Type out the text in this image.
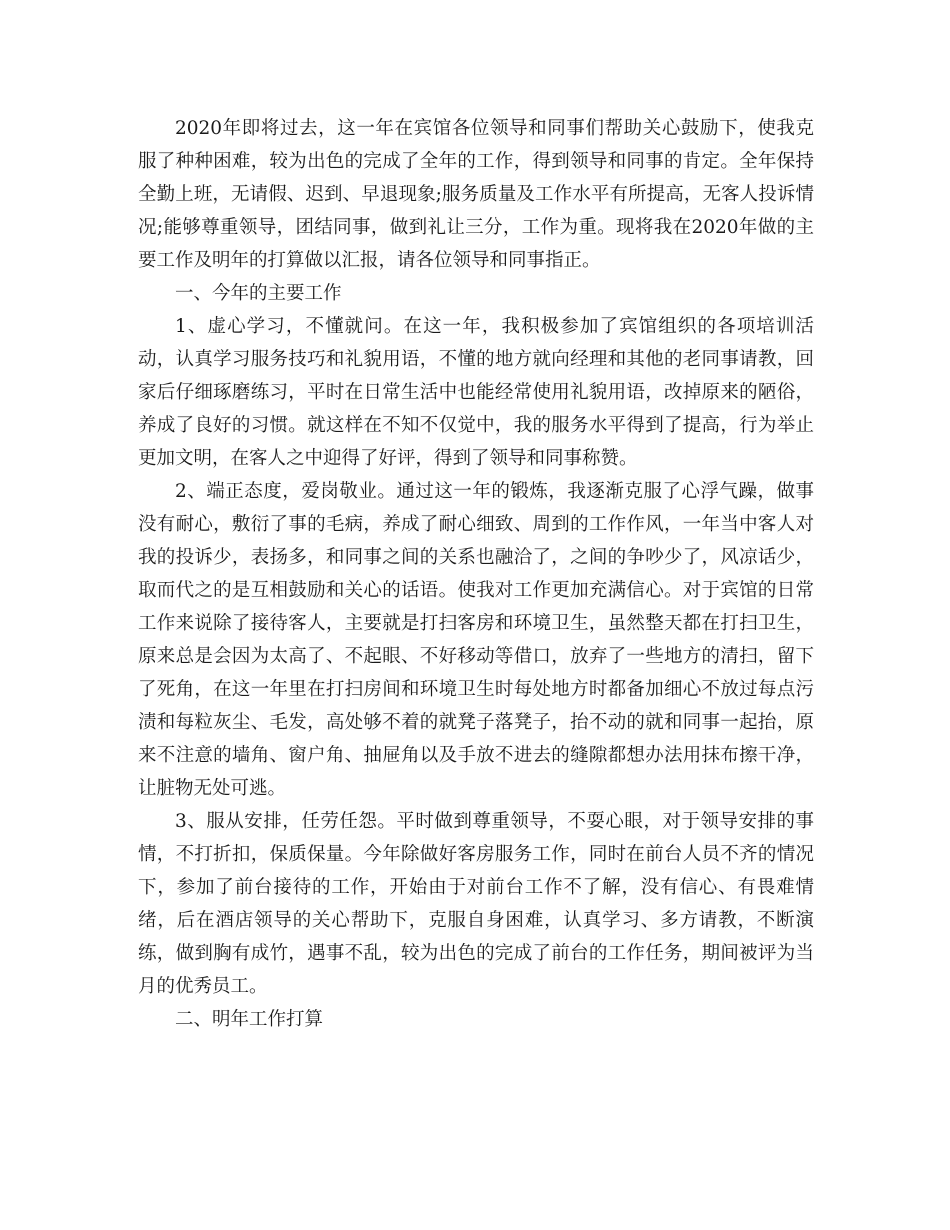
2020年即将过去，这一年在宾馆各位领导和同事们帮助关心鼓励下，使我克服了种种困难，较为出色的完成了全年的工作，得到领导和同事的肯定。全年保持全勤上班，无请假、迟到、早退现象;服务质量及工作水平有所提高，无客人投诉情况;能够尊重领导，团结同事，做到礼让三分，工作为重。现将我在2020年做的主要工作及明年的打算做以汇报，请各位领导和同事指正。

一、今年的主要工作

1、虚心学习，不懂就问。在这一年，我积极参加了宾馆组织的各项培训活动，认真学习服务技巧和礼貌用语，不懂的地方就向经理和其他的老同事请教，回家后仔细琢磨练习，平时在日常生活中也能经常使用礼貌用语，改掉原来的陋俗，养成了良好的习惯。就这样在不知不仅觉中，我的服务水平得到了提高，行为举止更加文明，在客人之中迎得了好评，得到了领导和同事称赞。

2、端正态度，爱岗敬业。通过这一年的锻炼，我逐渐克服了心浮气躁，做事没有耐心，敷衍了事的毛病，养成了耐心细致、周到的工作作风，一年当中客人对我的投诉少，表扬多，和同事之间的关系也融洽了，之间的争吵少了，风凉话少，取而代之的是互相鼓励和关心的话语。使我对工作更加充满信心。对于宾馆的日常工作来说除了接待客人，主要就是打扫客房和环境卫生，虽然整天都在打扫卫生，原来总是会因为太高了、不起眼、不好移动等借口，放弃了一些地方的清扫，留下了死角，在这一年里在打扫房间和环境卫生时每处地方时都备加细心不放过每点污渍和每粒灰尘、毛发，高处够不着的就凳子落凳子，抬不动的就和同事一起抬，原来不注意的墙角、窗户角、抽屉角以及手放不进去的缝隙都想办法用抹布擦干净，让脏物无处可逃。

3、服从安排，任劳任怨。平时做到尊重领导，不耍心眼，对于领导安排的事情，不打折扣，保质保量。今年除做好客房服务工作，同时在前台人员不齐的情况下，参加了前台接待的工作，开始由于对前台工作不了解，没有信心、有畏难情绪，后在酒店领导的关心帮助下，克服自身困难，认真学习、多方请教，不断演练，做到胸有成竹，遇事不乱，较为出色的完成了前台的工作任务，期间被评为当月的优秀员工。

二、明年工作打算
